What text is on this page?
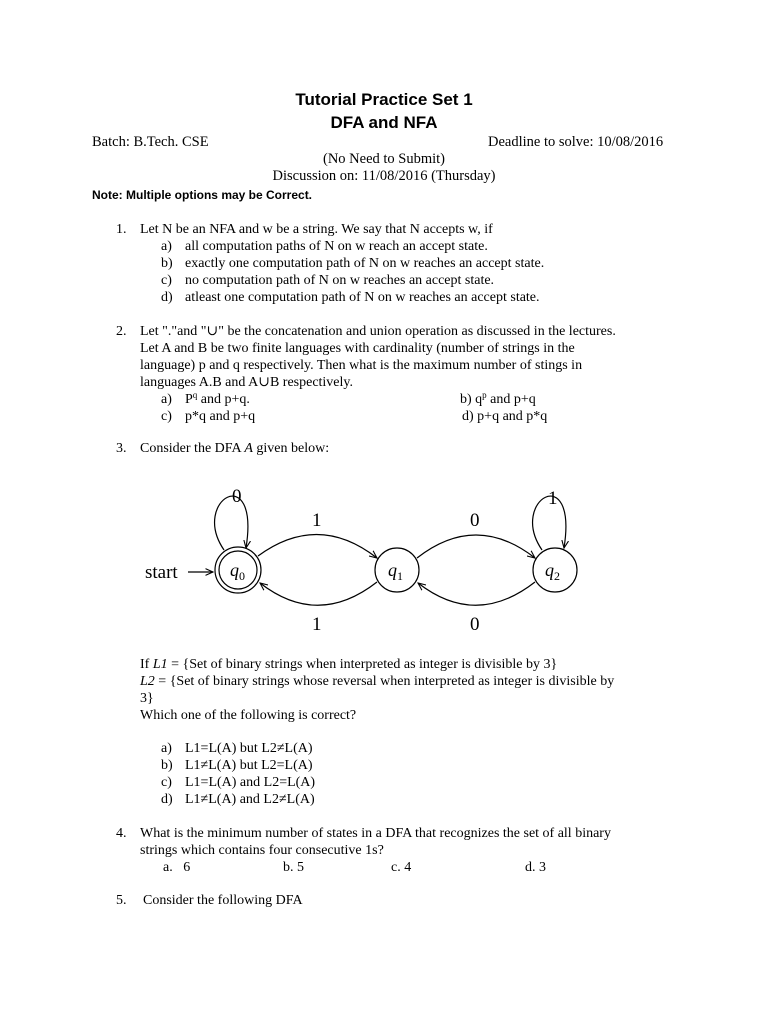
Tutorial Practice Set 1
DFA and NFA
Batch: B.Tech. CSE	Deadline to solve: 10/08/2016
(No Need to Submit)
Discussion on: 11/08/2016 (Thursday)
Note: Multiple options may be Correct.
1. Let N be an NFA and w be a string. We say that N accepts w, if
a) all computation paths of N on w reach an accept state.
b) exactly one computation path of N on w reaches an accept state.
c) no computation path of N on w reaches an accept state.
d) atleast one computation path of N on w reaches an accept state.
2. Let "."and "∪" be the concatenation and union operation as discussed in the lectures.
Let A and B be two finite languages with cardinality (number of strings in the
language) p and q respectively. Then what is the maximum number of stings in
languages A.B and A∪B respectively.
a) $P^q$ and p+q.	b) $q^p$ and p+q
c) p*q and p+q	d) p+q and p*q
3. Consider the DFA A given below:
start	$q_0$	$q_1$	$q_2$
0	1
1
1
0
0
If L1 = {Set of binary strings when interpreted as integer is divisible by 3}
L2 = {Set of binary strings whose reversal when interpreted as integer is divisible by
3}
Which one of the following is correct?
a) L1=L(A) but L2≠L(A)
b) L1≠L(A) but L2=L(A)
c) L1=L(A) and L2=L(A)
d) L1≠L(A) and L2≠L(A)
4. What is the minimum number of states in a DFA that recognizes the set of all binary
strings which contains four consecutive 1s?
a.   6	b. 5	c. 4	d. 3
5. Consider the following DFA
